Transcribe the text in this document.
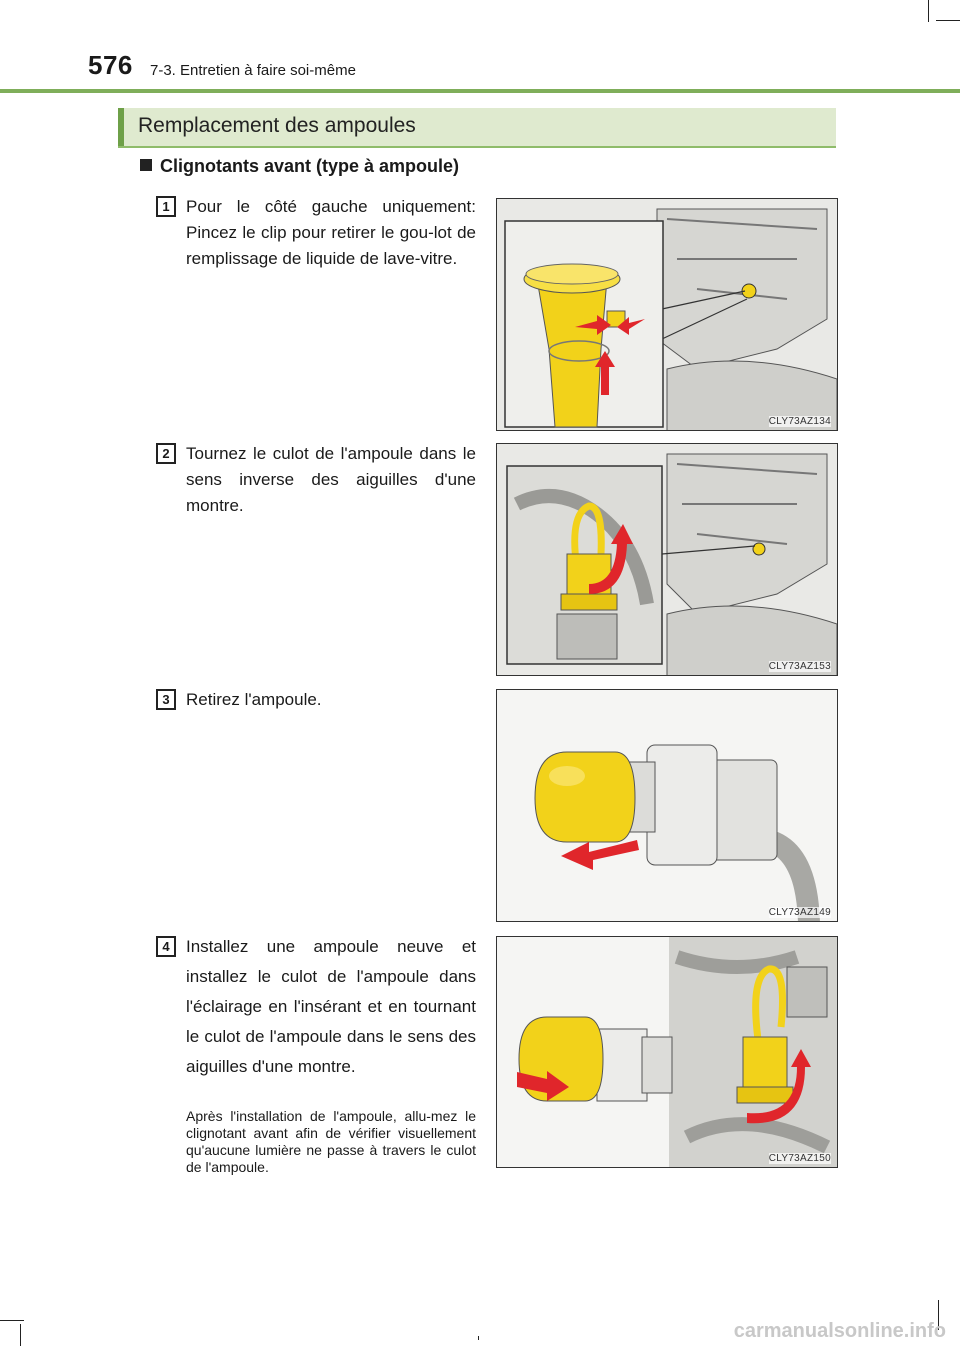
576 7-3. Entretien à faire soi-même
Remplacement des ampoules
Clignotants avant (type à ampoule)
1 Pour le côté gauche uniquement: Pincez le clip pour retirer le gou-lot de remplissage de liquide de lave-vitre.
CLY73AZ134
2 Tournez le culot de l'ampoule dans le sens inverse des aiguilles d'une montre.
CLY73AZ153
3 Retirez l'ampoule.
CLY73AZ149
4 Installez une ampoule neuve et installez le culot de l'ampoule dans l'éclairage en l'insérant et en tournant le culot de l'ampoule dans le sens des aiguilles d'une montre.
Après l'installation de l'ampoule, allu-mez le clignotant avant afin de vérifier visuellement qu'aucune lumière ne passe à travers le culot de l'ampoule.
CLY73AZ150
carmanualsonline.info
